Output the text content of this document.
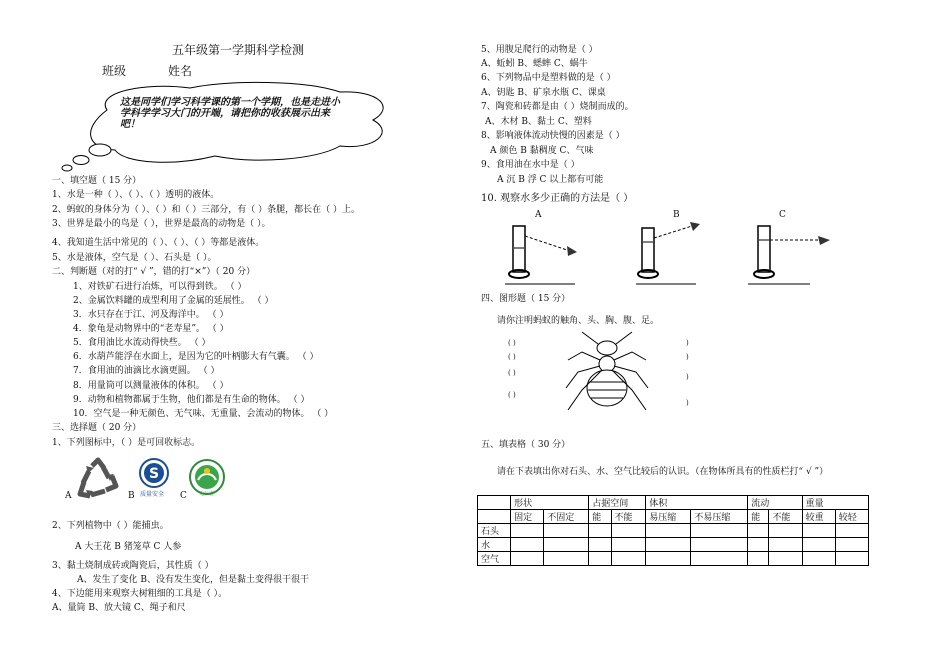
五年级第一学期科学检测
班级	姓名
这是同学们学习科学课的第一个学期，也是走进小
学科学学习大门的开端，请把你的收获展示出来
吧！
一、填空题（ 15 分）
1、水是一种（ ）、（ ）、（ ）透明的液体。
2、蚂蚁的身体分为（ ）、（ ）和（ ）三部分，有（ ）条腿，都长在（ ）上。
3、世界是最小的鸟是（ ），世界是最高的动物是（ ）。
4、我知道生活中常见的（ ）、（ ）、（ ）等都是液体。
5、水是液体，空气是（ ）、石头是（ ）。
二、判断题（对的打“ √ ”，错的打“×”）（ 20 分）
1、对铁矿石进行冶炼，可以得到铁。 （ ）
2、金属饮料罐的成型利用了金属的延展性。 （ ）
3．水只存在于江、河及海洋中。 （ ）
4．象龟是动物界中的“老寿星”。 （ ）
5．食用油比水流动得快些。 （ ）
6．水葫芦能浮在水面上，是因为它的叶柄膨大有气囊。 （ ）
7．食用油的油滴比水滴更圆。 （ ）
8．用量筒可以测量液体的体积。 （ ）
9．动物和植物都属于生物，他们都是有生命的物体。 （ ）
10．空气是一种无颜色、无气味、无重量、会流动的物体。 （ ）
三、选择题（ 20 分）
1、下列图标中，（ ）是可回收标志。
A	B
S
质量安全 C 无公害
2、下列植物中（ ）能捕虫。
A 大王花 B 猪笼草 C 人参
3、黏土烧制成砖或陶瓷后，其性质（ ）
A、发生了变化 B、没有发生变化，但是黏土变得很干很干
4、下边能用来观察大树粗细的工具是（ ）。
A、量筒 B、放大镜 C、绳子和尺
5、用腹足爬行的动物是（ ）
A、蚯蚓 B、蟋蟀 C、蜗牛
6、下列物品中是塑料做的是（ ）
A、钥匙 B、矿泉水瓶 C、课桌
7、陶瓷和砖都是由（ ）烧制而成的。
A、木材 B、黏土 C、塑料
8、影响液体流动快慢的因素是（ ）
A 颜色 B 黏稠度 C、气味
9、食用油在水中是（ ）
A 沉 B 浮 C 以上都有可能
10. 观察水多少正确的方法是（ ）
A	B	C
四、图形题（ 15 分）
请你注明蚂蚁的触角、头、胸、腹、足。
( )
( )
( )
( )
)
)
)
)
五、填表格（ 30 分）
请在下表填出你对石头、水、空气比较后的认识。（在物体所具有的性质栏打“ √ ”）
	形状		占据空间		体积		流动		重量	
	固定	不固定	能	不能	易压缩	不易压缩	能	不能	较重	较轻
石头										
水										
空气										
